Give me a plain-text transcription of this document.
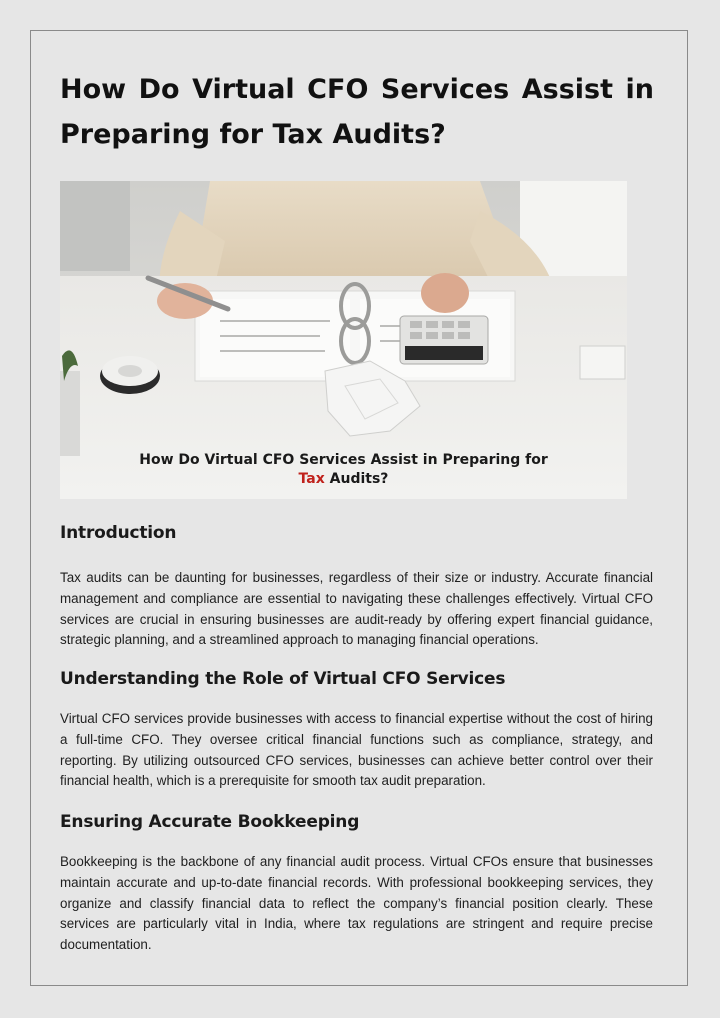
How Do Virtual CFO Services Assist in Preparing for Tax Audits?
How Do Virtual CFO Services Assist in Preparing for
Tax Audits?
Introduction

Tax audits can be daunting for businesses, regardless of their size or industry. Accurate financial management and compliance are essential to navigating these challenges effectively. Virtual CFO services are crucial in ensuring businesses are audit-ready by offering expert financial guidance, strategic planning, and a streamlined approach to managing financial operations.

Understanding the Role of Virtual CFO Services

Virtual CFO services provide businesses with access to financial expertise without the cost of hiring a full-time CFO. They oversee critical financial functions such as compliance, strategy, and reporting. By utilizing outsourced CFO services, businesses can achieve better control over their financial health, which is a prerequisite for smooth tax audit preparation.

Ensuring Accurate Bookkeeping

Bookkeeping is the backbone of any financial audit process. Virtual CFOs ensure that businesses maintain accurate and up-to-date financial records. With professional bookkeeping services, they organize and classify financial data to reflect the company’s financial position clearly. These services are particularly vital in India, where tax regulations are stringent and require precise documentation.
